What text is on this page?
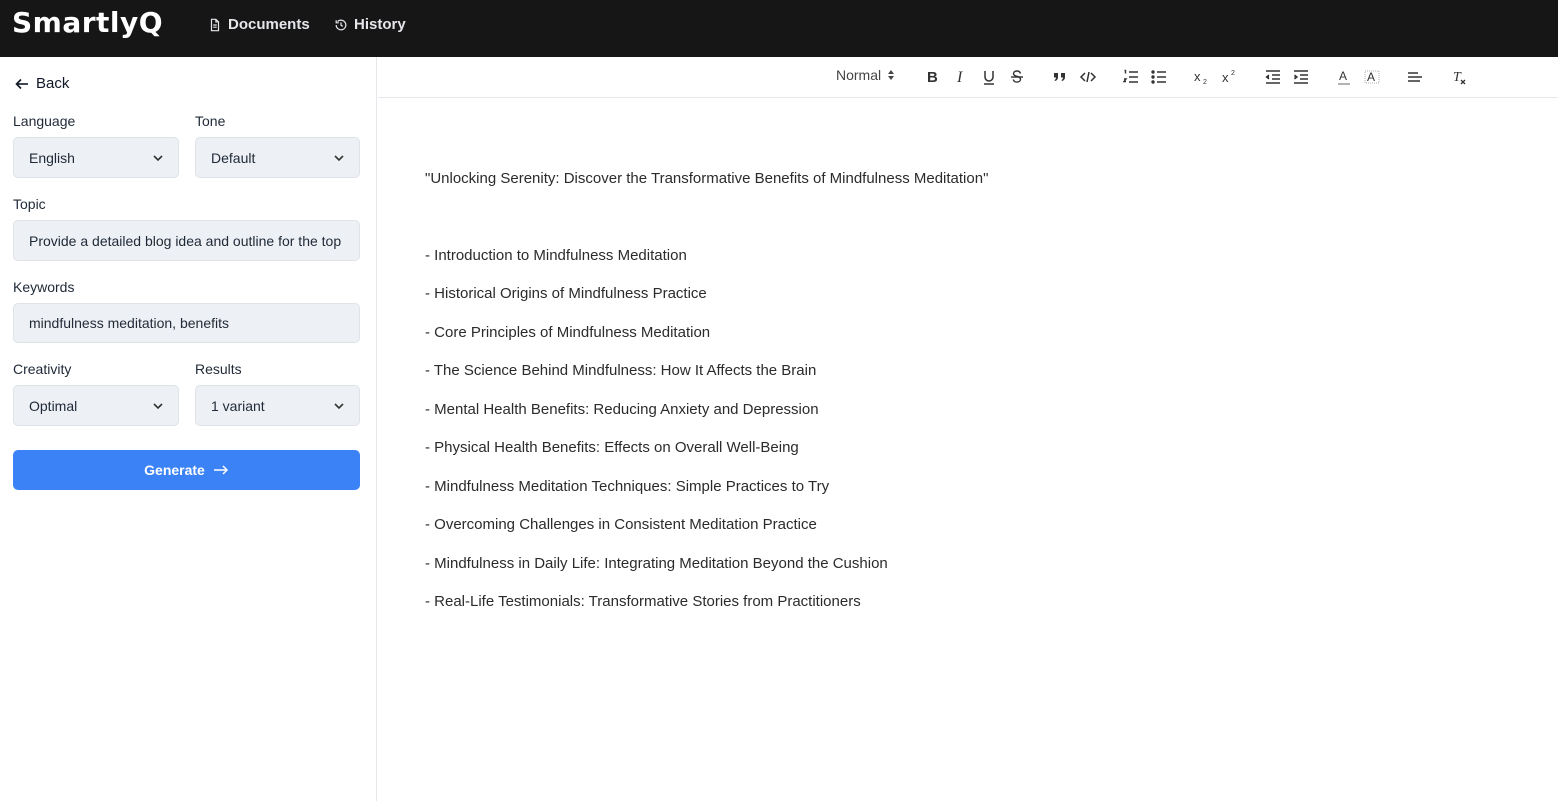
SmartlyQ	Documents	History
Back
Language
English
Tone
Default
Topic
Provide a detailed blog idea and outline for the top
Keywords
mindfulness meditation, benefits
Creativity
Optimal
Results
1 variant
Generate
Normal	B I	x 2 x 2	A A	T

"Unlocking Serenity: Discover the Transformative Benefits of Mindfulness Meditation"

- Introduction to Mindfulness Meditation

- Historical Origins of Mindfulness Practice

- Core Principles of Mindfulness Meditation

- The Science Behind Mindfulness: How It Affects the Brain

- Mental Health Benefits: Reducing Anxiety and Depression

- Physical Health Benefits: Effects on Overall Well-Being

- Mindfulness Meditation Techniques: Simple Practices to Try

- Overcoming Challenges in Consistent Meditation Practice

- Mindfulness in Daily Life: Integrating Meditation Beyond the Cushion

- Real-Life Testimonials: Transformative Stories from Practitioners
